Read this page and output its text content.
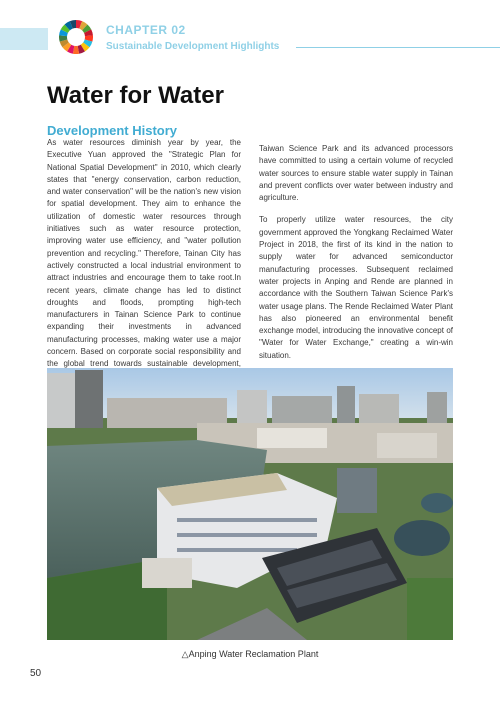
CHAPTER 02
Sustainable Development Highlights
Water for Water
Development History

As water resources diminish year by year, the Executive Yuan approved the "Strategic Plan for National Spatial Development" in 2010, which clearly states that "energy conservation, carbon reduction, and water conservation" will be the nation's new vision for spatial development. They aim to enhance the utilization of domestic water resources through initiatives such as water resource protection, improving water use efficiency, and "water pollution prevention and recycling." Therefore, Tainan City has actively constructed a local industrial environment to attract industries and encourage them to take root.In recent years, climate change has led to distinct droughts and floods, prompting high-tech manufacturers in Tainan Science Park to continue expanding their investments in advanced manufacturing processes, making water use a major concern. Based on corporate social responsibility and the global trend towards sustainable development,

Taiwan Science Park and its advanced processors have committed to using a certain volume of recycled water sources to ensure stable water supply in Tainan and prevent conflicts over water between industry and agriculture.

To properly utilize water resources, the city government approved the Yongkang Reclaimed Water Project in 2018, the first of its kind in the nation to supply water for advanced semiconductor manufacturing processes. Subsequent reclaimed water projects in Anping and Rende are planned in accordance with the Southern Taiwan Science Park's water usage plans. The Rende Reclaimed Water Plant has also pioneered an environmental benefit exchange model, introducing the innovative concept of "Water for Water Exchange," creating a win-win situation.

△Anping Water Reclamation Plant
50
